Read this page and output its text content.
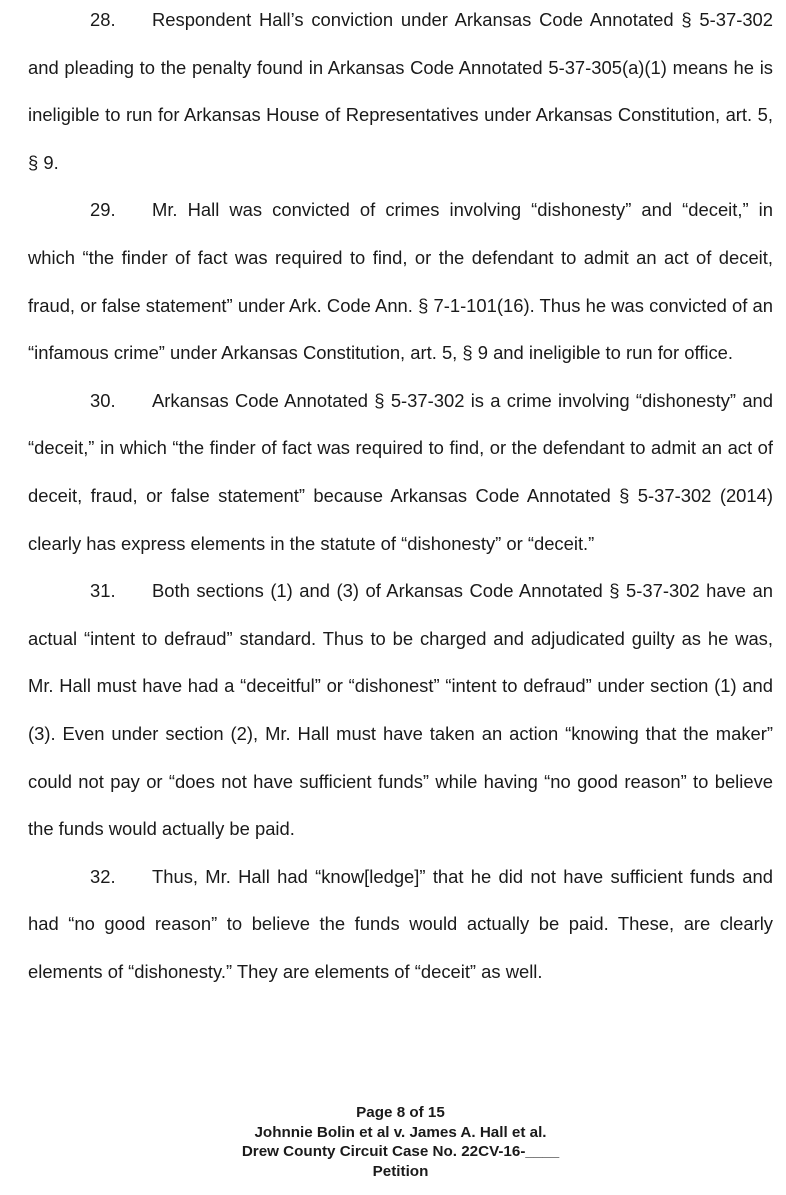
28. Respondent Hall’s conviction under Arkansas Code Annotated § 5-37-302 and pleading to the penalty found in Arkansas Code Annotated 5-37-305(a)(1) means he is ineligible to run for Arkansas House of Representatives under Arkansas Constitution, art. 5, § 9.

29. Mr. Hall was convicted of crimes involving “dishonesty” and “deceit,” in which “the finder of fact was required to find, or the defendant to admit an act of deceit, fraud, or false statement” under Ark. Code Ann. § 7-1-101(16). Thus he was convicted of an “infamous crime” under Arkansas Constitution, art. 5, § 9 and ineligible to run for office.

30. Arkansas Code Annotated § 5-37-302 is a crime involving “dishonesty” and “deceit,” in which “the finder of fact was required to find, or the defendant to admit an act of deceit, fraud, or false statement” because Arkansas Code Annotated § 5-37-302 (2014) clearly has express elements in the statute of “dishonesty” or “deceit.”

31. Both sections (1) and (3) of Arkansas Code Annotated § 5-37-302 have an actual “intent to defraud” standard. Thus to be charged and adjudicated guilty as he was, Mr. Hall must have had a “deceitful” or “dishonest” “intent to defraud” under section (1) and (3). Even under section (2), Mr. Hall must have taken an action “knowing that the maker” could not pay or “does not have sufficient funds” while having “no good reason” to believe the funds would actually be paid.

32. Thus, Mr. Hall had “know[ledge]” that he did not have sufficient funds and had “no good reason” to believe the funds would actually be paid. These, are clearly elements of “dishonesty.” They are elements of “deceit” as well.

Page 8 of 15
Johnnie Bolin et al v. James A. Hall et al.
Drew County Circuit Case No. 22CV-16-____
Petition
